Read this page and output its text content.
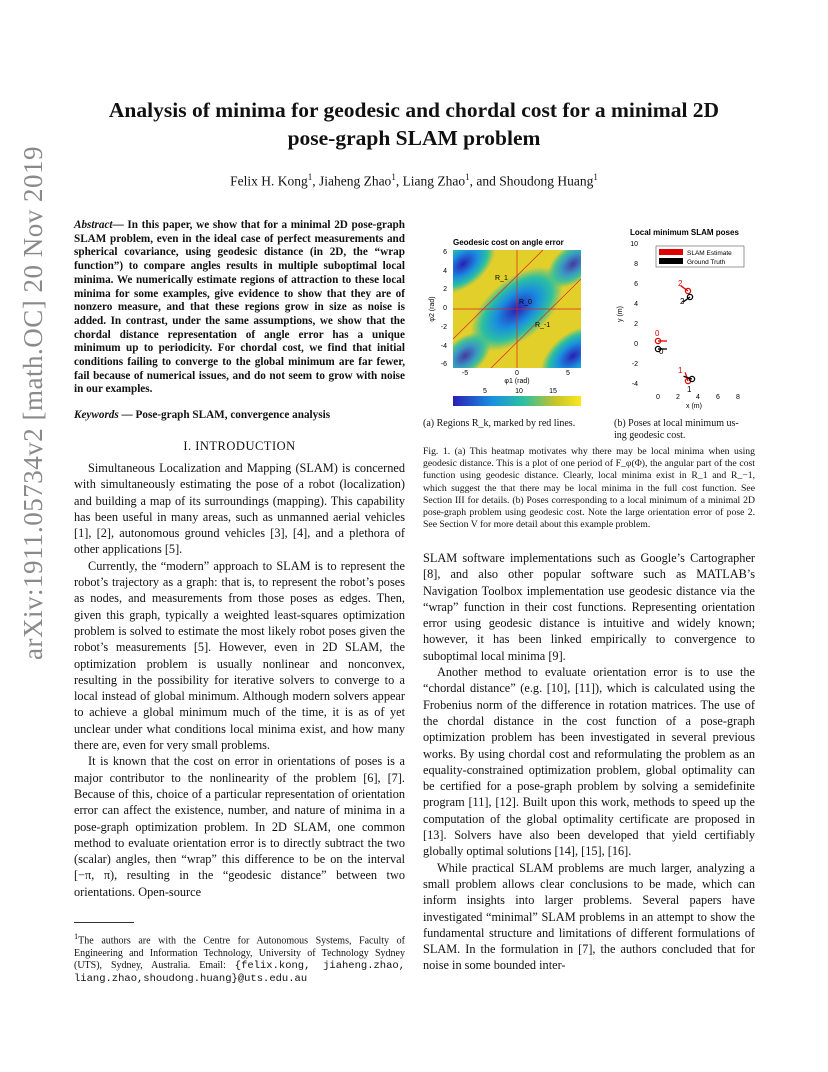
arXiv:1911.05734v2 [math.OC] 20 Nov 2019
Analysis of minima for geodesic and chordal cost for a minimal 2D
pose-graph SLAM problem
Felix H. Kong$^1$, Jiaheng Zhao$^1$, Liang Zhao$^1$, and Shoudong Huang$^1$
Abstract— In this paper, we show that for a minimal 2D pose-graph SLAM problem, even in the ideal case of perfect measurements and spherical covariance, using geodesic distance (in 2D, the “wrap function”) to compare angles results in multiple suboptimal local minima. We numerically estimate regions of attraction to these local minima for some examples, give evidence to show that they are of nonzero measure, and that these regions grow in size as noise is added. In contrast, under the same assumptions, we show that the chordal distance representation of angle error has a unique minimum up to periodicity. For chordal cost, we find that initial conditions failing to converge to the global minimum are far fewer, fail because of numerical issues, and do not seem to grow with noise in our examples.
Keywords — Pose-graph SLAM, convergence analysis
I. INTRODUCTION

Simultaneous Localization and Mapping (SLAM) is concerned with simultaneously estimating the pose of a robot (localization) and building a map of its surroundings (mapping). This capability has been useful in many areas, such as unmanned aerial vehicles [1], [2], autonomous ground vehicles [3], [4], and a plethora of other applications [5].

Currently, the “modern” approach to SLAM is to represent the robot’s trajectory as a graph: that is, to represent the robot’s poses as nodes, and measurements from those poses as edges. Then, given this graph, typically a weighted least-squares optimization problem is solved to estimate the most likely robot poses given the robot’s measurements [5]. However, even in 2D SLAM, the optimization problem is usually nonlinear and nonconvex, resulting in the possibility for iterative solvers to converge to a local instead of global minimum. Although modern solvers appear to achieve a global minimum much of the time, it is as of yet unclear under what conditions local minima exist, and how many there are, even for very small problems.

It is known that the cost on error in orientations of poses is a major contributor to the nonlinearity of the problem [6], [7]. Because of this, choice of a particular representation of orientation error can affect the existence, number, and nature of minima in a pose-graph optimization problem. In 2D SLAM, one common method to evaluate orientation error is to directly subtract the two (scalar) angles, then “wrap” this difference to be on the interval [−π, π), resulting in the “geodesic distance” between two orientations. Open-source

$^1$The authors are with the Centre for Autonomous Systems, Faculty of Engineering and Information Technology, University of Technology Sydney (UTS), Sydney, Australia. Email: {felix.kong, jiaheng.zhao, liang.zhao,shoudong.huang}@uts.edu.au
Geodesic cost on angle error
R_1
R_0
R_-1
6
4
2
0
-2
-4
-6
φ2 (rad)
-5	0	5
φ1 (rad)
5	10	15
Local minimum SLAM poses
10
8
6
4
2
0
-2
-4
y (m)
0 2 4 6 8
x (m)
SLAM Estimate
Ground Truth
0
2
1
0
2
1
(a) Regions R_k, marked by red lines.	(b) Poses at local minimum us-
ing geodesic cost.
Fig. 1. (a) This heatmap motivates why there may be local minima when using geodesic distance. This is a plot of one period of F_φ(Φ), the angular part of the cost function using geodesic distance. Clearly, local minima exist in R_1 and R_−1, which suggest the that there may be local minima in the full cost function. See Section III for details. (b) Poses corresponding to a local minimum of a minimal 2D pose-graph problem using geodesic cost. Note the large orientation error of pose 2. See Section V for more detail about this example problem.

SLAM software implementations such as Google’s Cartographer [8], and also other popular software such as MATLAB’s Navigation Toolbox implementation use geodesic distance via the “wrap” function in their cost functions. Representing orientation error using geodesic distance is intuitive and widely known; however, it has been linked empirically to convergence to suboptimal local minima [9].

Another method to evaluate orientation error is to use the “chordal distance” (e.g. [10], [11]), which is calculated using the Frobenius norm of the difference in rotation matrices. The use of the chordal distance in the cost function of a pose-graph optimization problem has been investigated in several previous works. By using chordal cost and reformulating the problem as an equality-constrained optimization problem, global optimality can be certified for a pose-graph problem by solving a semidefinite program [11], [12]. Built upon this work, methods to speed up the computation of the global optimality certificate are proposed in [13]. Solvers have also been developed that yield certifiably globally optimal solutions [14], [15], [16].

While practical SLAM problems are much larger, analyzing a small problem allows clear conclusions to be made, which can inform insights into larger problems. Several papers have investigated “minimal” SLAM problems in an attempt to show the fundamental structure and limitations of different formulations of SLAM. In the formulation in [7], the authors concluded that for noise in some bounded inter-
